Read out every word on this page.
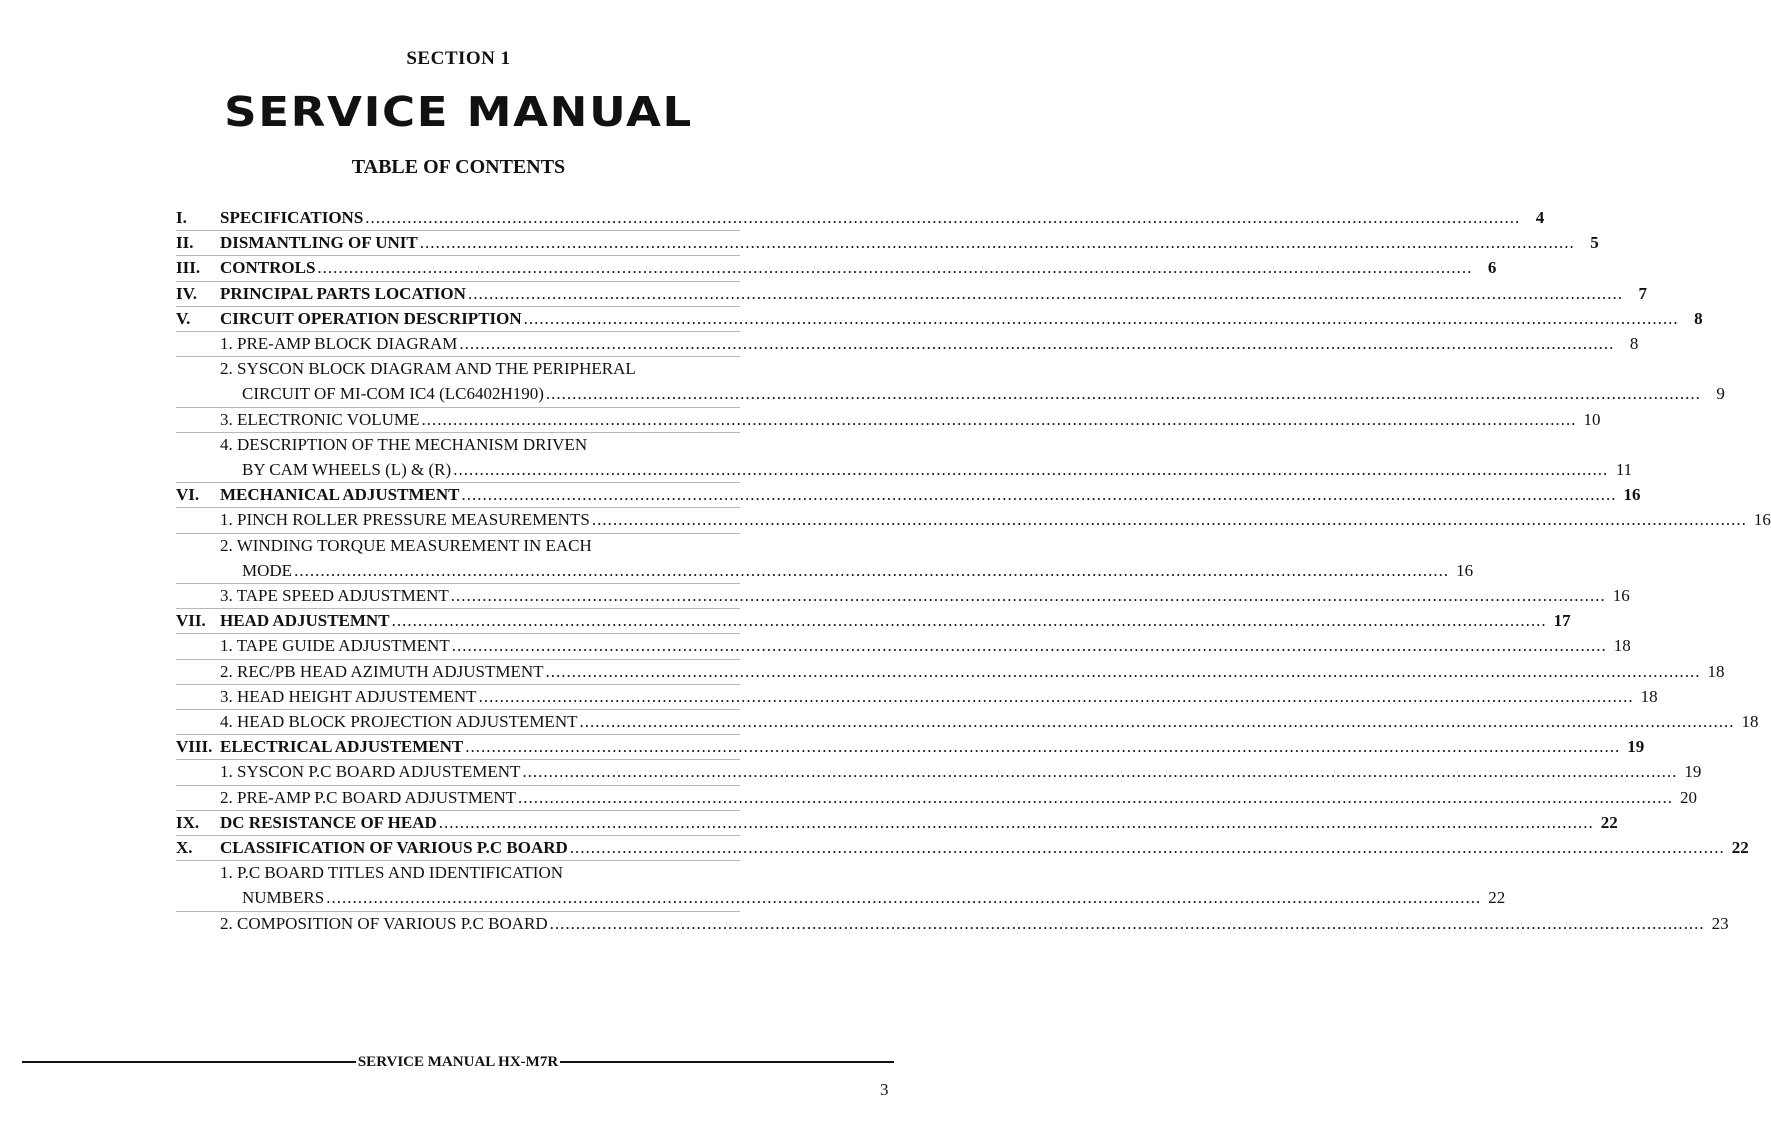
SECTION 1
SERVICE MANUAL
TABLE OF CONTENTS
I. SPECIFICATIONS ............................................................................................................................................................................................................................ 4
II. DISMANTLING OF UNIT ............................................................................................................................................................................................................................ 5
III. CONTROLS ............................................................................................................................................................................................................................ 6
IV. PRINCIPAL PARTS LOCATION ............................................................................................................................................................................................................................ 7
V. CIRCUIT OPERATION DESCRIPTION ............................................................................................................................................................................................................................ 8
1. PRE-AMP BLOCK DIAGRAM ............................................................................................................................................................................................................................ 8
2. SYSCON BLOCK DIAGRAM AND THE PERIPHERAL
CIRCUIT OF MI-COM IC4 (LC6402H190) ............................................................................................................................................................................................................................ 9
3. ELECTRONIC VOLUME ............................................................................................................................................................................................................................ 10
4. DESCRIPTION OF THE MECHANISM DRIVEN
BY CAM WHEELS (L) & (R) ............................................................................................................................................................................................................................ 11
VI. MECHANICAL ADJUSTMENT ............................................................................................................................................................................................................................ 16
1. PINCH ROLLER PRESSURE MEASUREMENTS ............................................................................................................................................................................................................................ 16
2. WINDING TORQUE MEASUREMENT IN EACH
MODE ............................................................................................................................................................................................................................ 16
3. TAPE SPEED ADJUSTMENT ............................................................................................................................................................................................................................ 16
VII. HEAD ADJUSTEMNT ............................................................................................................................................................................................................................ 17
1. TAPE GUIDE ADJUSTMENT ............................................................................................................................................................................................................................ 18
2. REC/PB HEAD AZIMUTH ADJUSTMENT ............................................................................................................................................................................................................................ 18
3. HEAD HEIGHT ADJUSTEMENT ............................................................................................................................................................................................................................ 18
4. HEAD BLOCK PROJECTION ADJUSTEMENT ............................................................................................................................................................................................................................ 18
VIII. ELECTRICAL ADJUSTEMENT ............................................................................................................................................................................................................................ 19
1. SYSCON P.C BOARD ADJUSTEMENT ............................................................................................................................................................................................................................ 19
2. PRE-AMP P.C BOARD ADJUSTMENT ............................................................................................................................................................................................................................ 20
IX. DC RESISTANCE OF HEAD ............................................................................................................................................................................................................................ 22
X. CLASSIFICATION OF VARIOUS P.C BOARD ............................................................................................................................................................................................................................ 22
1. P.C BOARD TITLES AND IDENTIFICATION
NUMBERS ............................................................................................................................................................................................................................ 22
2. COMPOSITION OF VARIOUS P.C BOARD ............................................................................................................................................................................................................................ 23
SERVICE MANUAL HX-M7R
3
